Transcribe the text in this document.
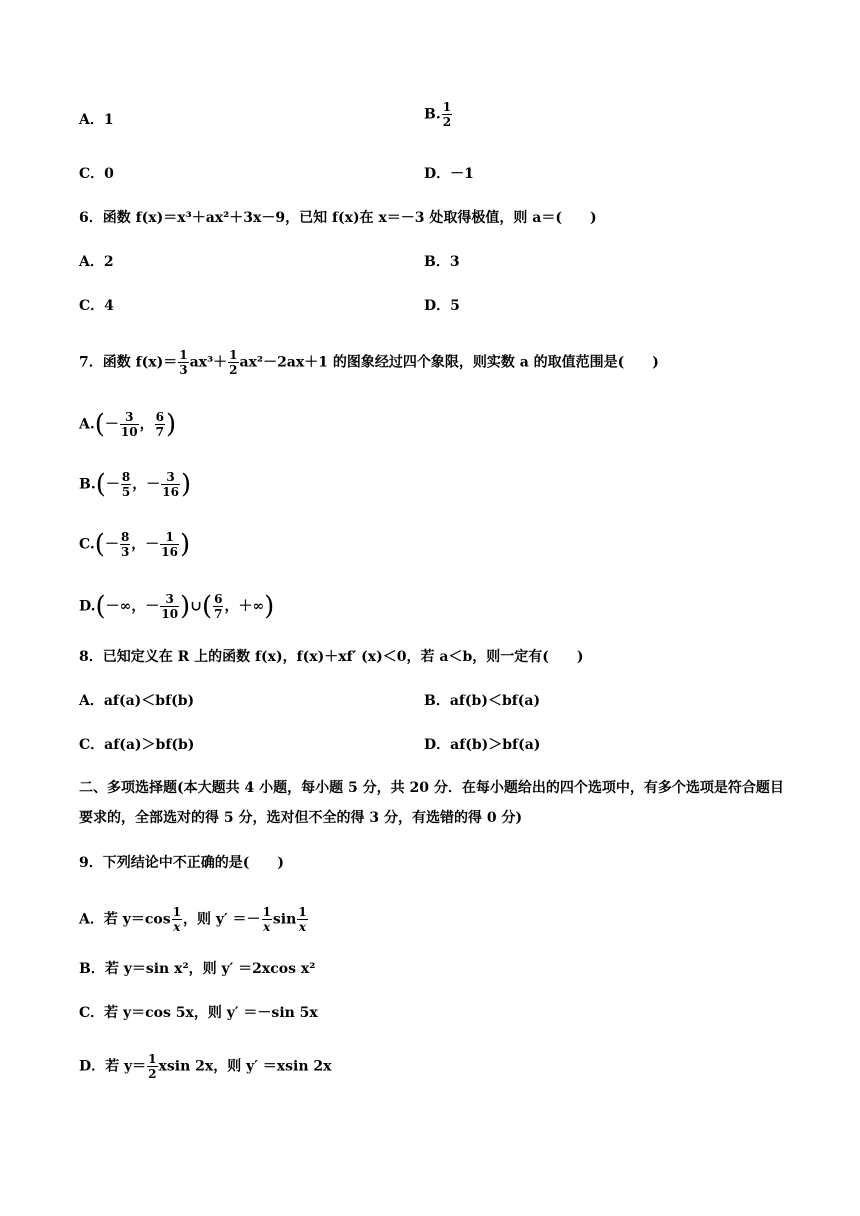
A．1	B. $\frac{1}{2}$
C．0	D．－1
6．函数 f(x)＝x³＋ax²＋3x－9，已知 f(x)在 x＝－3 处取得极值，则 a＝(　　)
A．2	B．3
C．4	D．5
7．函数 $f(x)= \frac{1}{3} ax^3+ \frac{1}{2} ax^2-2ax+1$ 的图象经过四个象限，则实数 a 的取值范围是(　　)
$A.(- \frac{3}{10}$ ， $\frac{6}{7}$ )
$B.(- \frac{8}{5}$ ，－ $\frac{3}{16}$ )
$C.(- \frac{8}{3}$ ，－ $\frac{1}{16}$ )
D.(－∞，－ $\frac{3}{10}$ )∪( $\frac{6}{7}$ ，＋∞)
8．已知定义在 R 上的函数 f(x)，f(x)＋xf′ (x)＜0，若 a＜b，则一定有(　　)
A．af(a)＜bf(b)	B．af(b)＜bf(a)
C．af(a)＞bf(b)	D．af(b)＞bf(a)
二、多项选择题(本大题共 4 小题，每小题 5 分，共 20 分．在每小题给出的四个选项中，有多个选项是符合题目要求的，全部选对的得 5 分，选对但不全的得 3 分，有选错的得 0 分)
9．下列结论中不正确的是(　　)
A．若 $y=\cos \frac{1}{x}$ ，则 $y' =- \frac{1}{x}$ $\sin \frac{1}{x}$
B．若 y＝sin x²，则 y′ ＝2xcos x²
C．若 y＝cos 5x，则 y′ ＝－sin 5x
D．若 $y= \frac{1}{2}$ xsin 2x，则 y′ ＝xsin 2x
